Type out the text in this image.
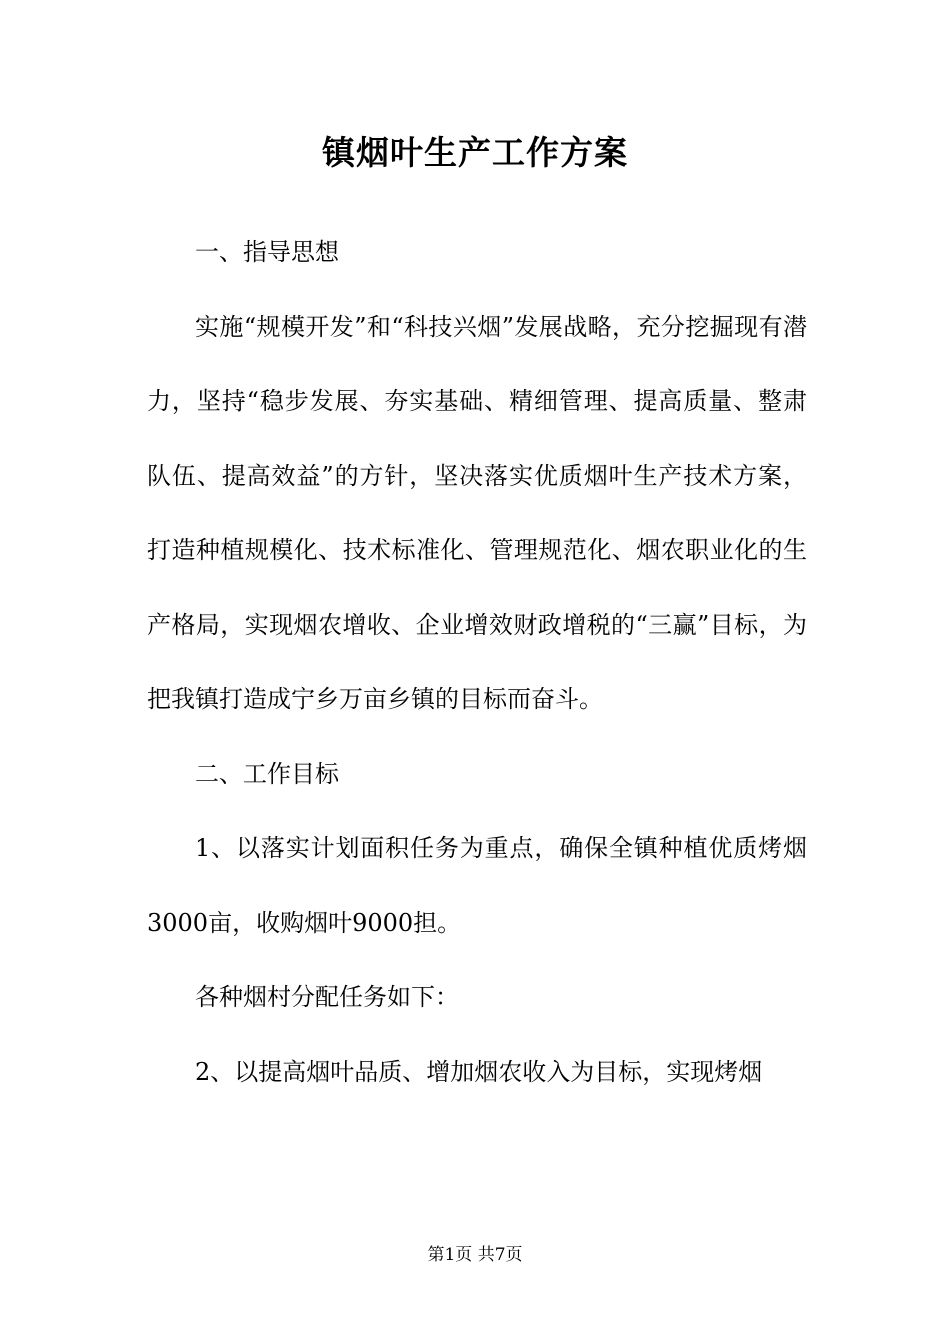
镇烟叶生产工作方案

一、指导思想

实施“规模开发”和“科技兴烟”发展战略，充分挖掘现有潜力，坚持“稳步发展、夯实基础、精细管理、提高质量、整肃队伍、提高效益”的方针，坚决落实优质烟叶生产技术方案，打造种植规模化、技术标准化、管理规范化、烟农职业化的生产格局，实现烟农增收、企业增效财政增税的“三赢”目标，为把我镇打造成宁乡万亩乡镇的目标而奋斗。

二、工作目标

1、以落实计划面积任务为重点，确保全镇种植优质烤烟3000亩，收购烟叶9000担。

各种烟村分配任务如下：

2、以提高烟叶品质、增加烟农收入为目标，实现烤烟

第1页 共7页
